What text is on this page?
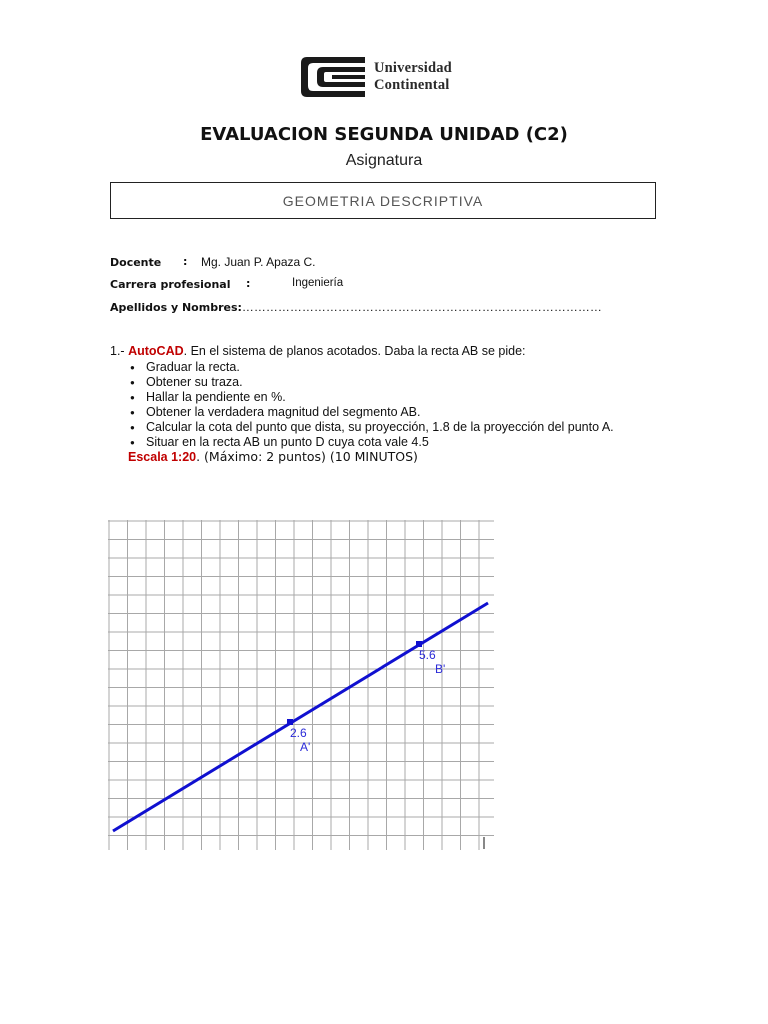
Universidad
Continental
EVALUACION SEGUNDA UNIDAD (C2)
Asignatura
GEOMETRIA DESCRIPTIVA
Docente : Mg. Juan P. Apaza C.
Carrera profesional :	Ingeniería
Apellidos y Nombres:………………………………………………………………………………
1.- AutoCAD. En el sistema de planos acotados. Daba la recta AB se pide:
● Graduar la recta.
● Obtener su traza.
● Hallar la pendiente en %.
● Obtener la verdadera magnitud del segmento AB.
● Calcular la cota del punto que dista, su proyección, 1.8 de la proyección del punto A.
● Situar en la recta AB un punto D cuya cota vale 4.5
Escala 1:20. (Máximo: 2 puntos) (10 MINUTOS)
2.6
A'
5.6
B'
